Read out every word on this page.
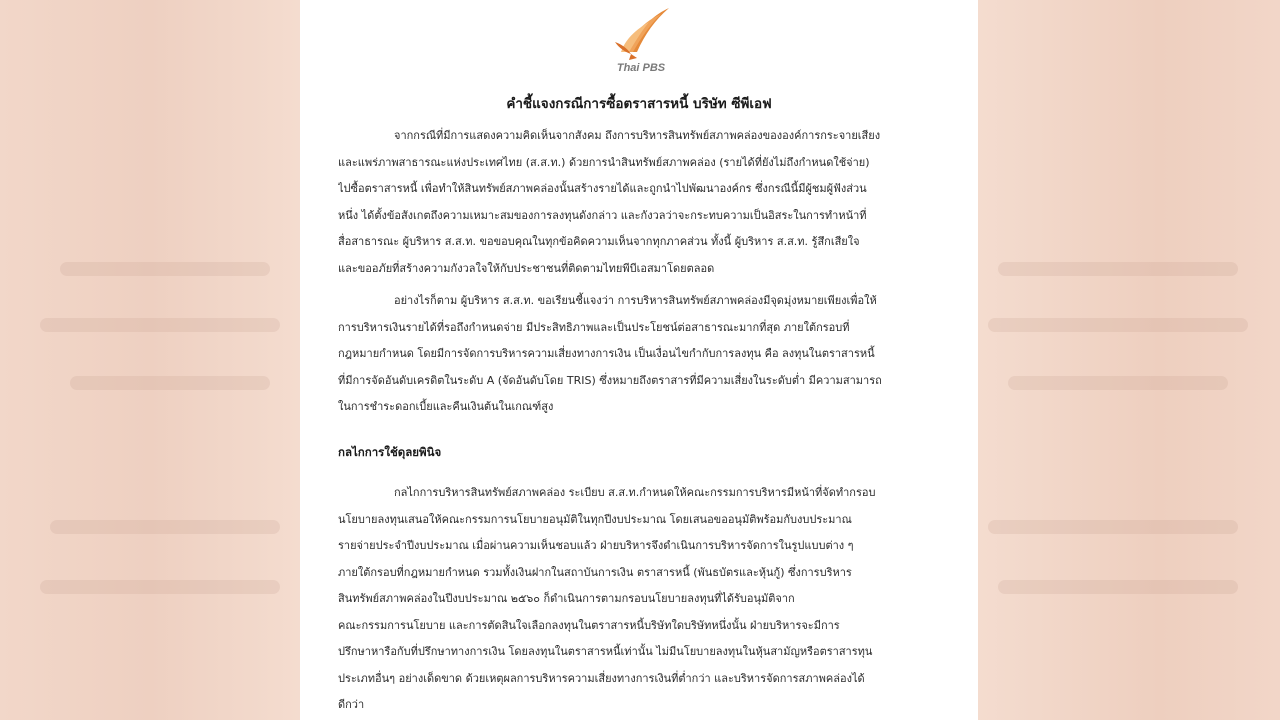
Thai PBS
คำชี้แจงกรณีการซื้อตราสารหนี้ บริษัท ซีพีเอฟ
จากกรณีที่มีการแสดงความคิดเห็นจากสังคม ถึงการบริหารสินทรัพย์สภาพคล่องขององค์การกระจายเสียง
และแพร่ภาพสาธารณะแห่งประเทศไทย (ส.ส.ท.) ด้วยการนำสินทรัพย์สภาพคล่อง (รายได้ที่ยังไม่ถึงกำหนดใช้จ่าย)
ไปซื้อตราสารหนี้ เพื่อทำให้สินทรัพย์สภาพคล่องนั้นสร้างรายได้และถูกนำไปพัฒนาองค์กร ซึ่งกรณีนี้มีผู้ชมผู้ฟังส่วน
หนึ่ง ได้ตั้งข้อสังเกตถึงความเหมาะสมของการลงทุนดังกล่าว และกังวลว่าจะกระทบความเป็นอิสระในการทำหน้าที่
สื่อสาธารณะ ผู้บริหาร ส.ส.ท. ขอขอบคุณในทุกข้อคิดความเห็นจากทุกภาคส่วน ทั้งนี้ ผู้บริหาร ส.ส.ท. รู้สึกเสียใจ
และขออภัยที่สร้างความกังวลใจให้กับประชาชนที่ติดตามไทยพีบีเอสมาโดยตลอด
อย่างไรก็ตาม ผู้บริหาร ส.ส.ท. ขอเรียนชี้แจงว่า การบริหารสินทรัพย์สภาพคล่องมีจุดมุ่งหมายเพียงเพื่อให้
การบริหารเงินรายได้ที่รอถึงกำหนดจ่าย มีประสิทธิภาพและเป็นประโยชน์ต่อสาธารณะมากที่สุด ภายใต้กรอบที่
กฎหมายกำหนด โดยมีการจัดการบริหารความเสี่ยงทางการเงิน เป็นเงื่อนไขกำกับการลงทุน คือ ลงทุนในตราสารหนี้
ที่มีการจัดอันดับเครดิตในระดับ A (จัดอันดับโดย TRIS) ซึ่งหมายถึงตราสารที่มีความเสี่ยงในระดับต่ำ มีความสามารถ
ในการชำระดอกเบี้ยและคืนเงินต้นในเกณฑ์สูง
กลไกการใช้ดุลยพินิจ
กลไกการบริหารสินทรัพย์สภาพคล่อง ระเบียบ ส.ส.ท.กำหนดให้คณะกรรมการบริหารมีหน้าที่จัดทำกรอบ
นโยบายลงทุนเสนอให้คณะกรรมการนโยบายอนุมัติในทุกปีงบประมาณ โดยเสนอขออนุมัติพร้อมกับงบประมาณ
รายจ่ายประจำปีงบประมาณ เมื่อผ่านความเห็นชอบแล้ว ฝ่ายบริหารจึงดำเนินการบริหารจัดการในรูปแบบต่าง ๆ
ภายใต้กรอบที่กฎหมายกำหนด รวมทั้งเงินฝากในสถาบันการเงิน ตราสารหนี้ (พันธบัตรและหุ้นกู้) ซึ่งการบริหาร
สินทรัพย์สภาพคล่องในปีงบประมาณ ๒๕๖๐ ก็ดำเนินการตามกรอบนโยบายลงทุนที่ได้รับอนุมัติจาก
คณะกรรมการนโยบาย และการตัดสินใจเลือกลงทุนในตราสารหนี้บริษัทใดบริษัทหนึ่งนั้น ฝ่ายบริหารจะมีการ
ปรึกษาหารือกับที่ปรึกษาทางการเงิน โดยลงทุนในตราสารหนี้เท่านั้น ไม่มีนโยบายลงทุนในหุ้นสามัญหรือตราสารทุน
ประเภทอื่นๆ อย่างเด็ดขาด ด้วยเหตุผลการบริหารความเสี่ยงทางการเงินที่ต่ำกว่า และบริหารจัดการสภาพคล่องได้
ดีกว่า
